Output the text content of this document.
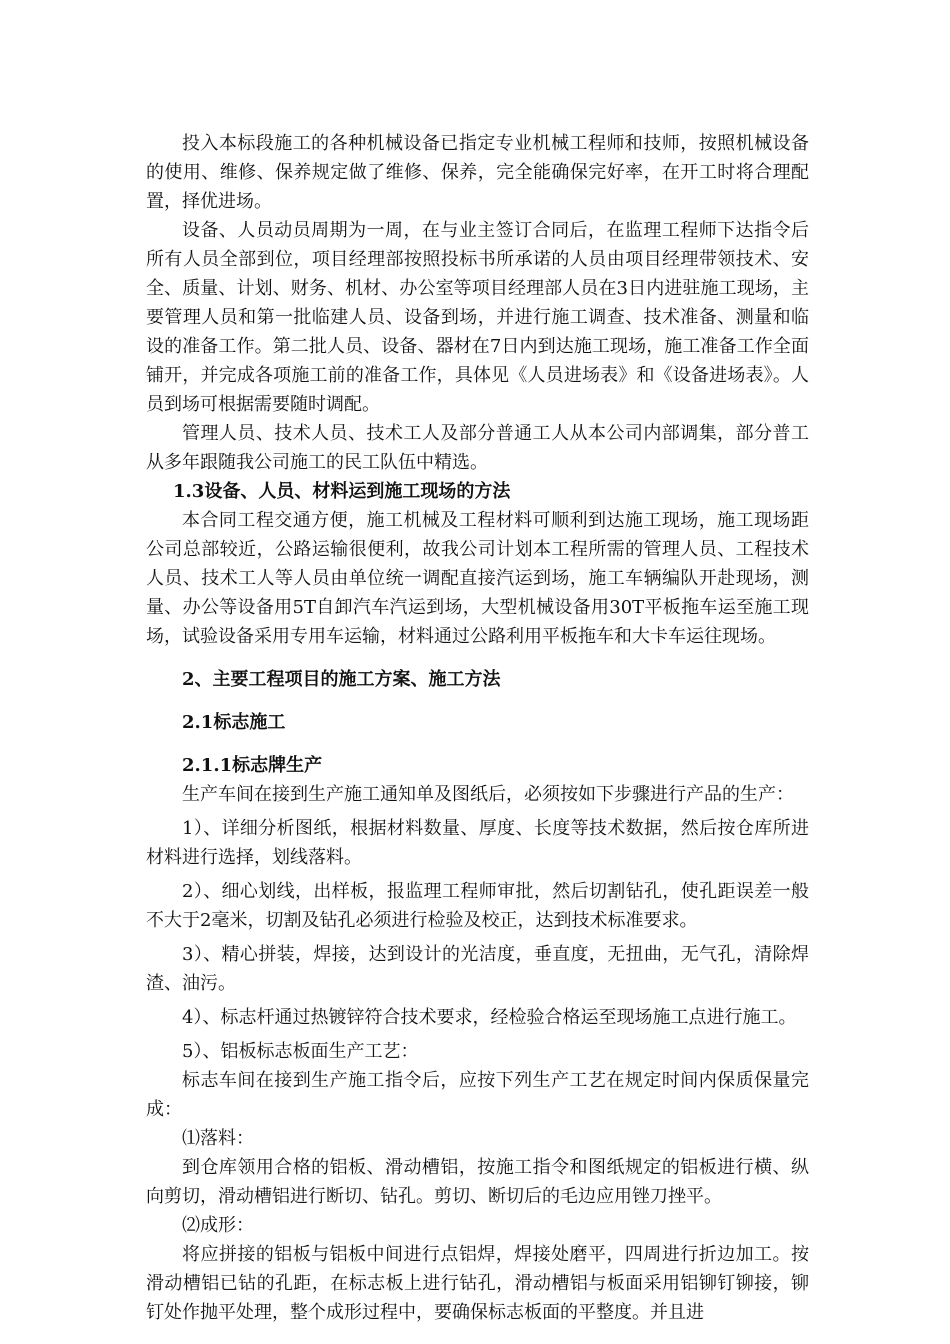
投入本标段施工的各种机械设备已指定专业机械工程师和技师，按照机械设备的使用、维修、保养规定做了维修、保养，完全能确保完好率，在开工时将合理配置，择优进场。

设备、人员动员周期为一周，在与业主签订合同后，在监理工程师下达指令后所有人员全部到位，项目经理部按照投标书所承诺的人员由项目经理带领技术、安全、质量、计划、财务、机材、办公室等项目经理部人员在3日内进驻施工现场，主要管理人员和第一批临建人员、设备到场，并进行施工调查、技术准备、测量和临设的准备工作。第二批人员、设备、器材在7日内到达施工现场，施工准备工作全面铺开，并完成各项施工前的准备工作，具体见《人员进场表》和《设备进场表》。人员到场可根据需要随时调配。

管理人员、技术人员、技术工人及部分普通工人从本公司内部调集，部分普工从多年跟随我公司施工的民工队伍中精选。

1.3设备、人员、材料运到施工现场的方法

本合同工程交通方便，施工机械及工程材料可顺利到达施工现场，施工现场距公司总部较近，公路运输很便利，故我公司计划本工程所需的管理人员、工程技术人员、技术工人等人员由单位统一调配直接汽运到场，施工车辆编队开赴现场，测量、办公等设备用5T自卸汽车汽运到场，大型机械设备用30T平板拖车运至施工现场，试验设备采用专用车运输，材料通过公路利用平板拖车和大卡车运往现场。

2、主要工程项目的施工方案、施工方法

2.1标志施工

2.1.1标志牌生产

生产车间在接到生产施工通知单及图纸后，必须按如下步骤进行产品的生产：

1）、详细分析图纸，根据材料数量、厚度、长度等技术数据，然后按仓库所进材料进行选择，划线落料。

2）、细心划线，出样板，报监理工程师审批，然后切割钻孔，使孔距误差一般不大于2毫米，切割及钻孔必须进行检验及校正，达到技术标准要求。

3）、精心拼装，焊接，达到设计的光洁度，垂直度，无扭曲，无气孔，清除焊渣、油污。

4）、标志杆通过热镀锌符合技术要求，经检验合格运至现场施工点进行施工。

5）、铝板标志板面生产工艺：

标志车间在接到生产施工指令后，应按下列生产工艺在规定时间内保质保量完成：

⑴落料：

到仓库领用合格的铝板、滑动槽铝，按施工指令和图纸规定的铝板进行横、纵向剪切，滑动槽铝进行断切、钻孔。剪切、断切后的毛边应用锉刀挫平。

⑵成形：

将应拼接的铝板与铝板中间进行点铝焊，焊接处磨平，四周进行折边加工。按滑动槽铝已钻的孔距，在标志板上进行钻孔，滑动槽铝与板面采用铝铆钉铆接，铆钉处作抛平处理，整个成形过程中，要确保标志板面的平整度。并且进
